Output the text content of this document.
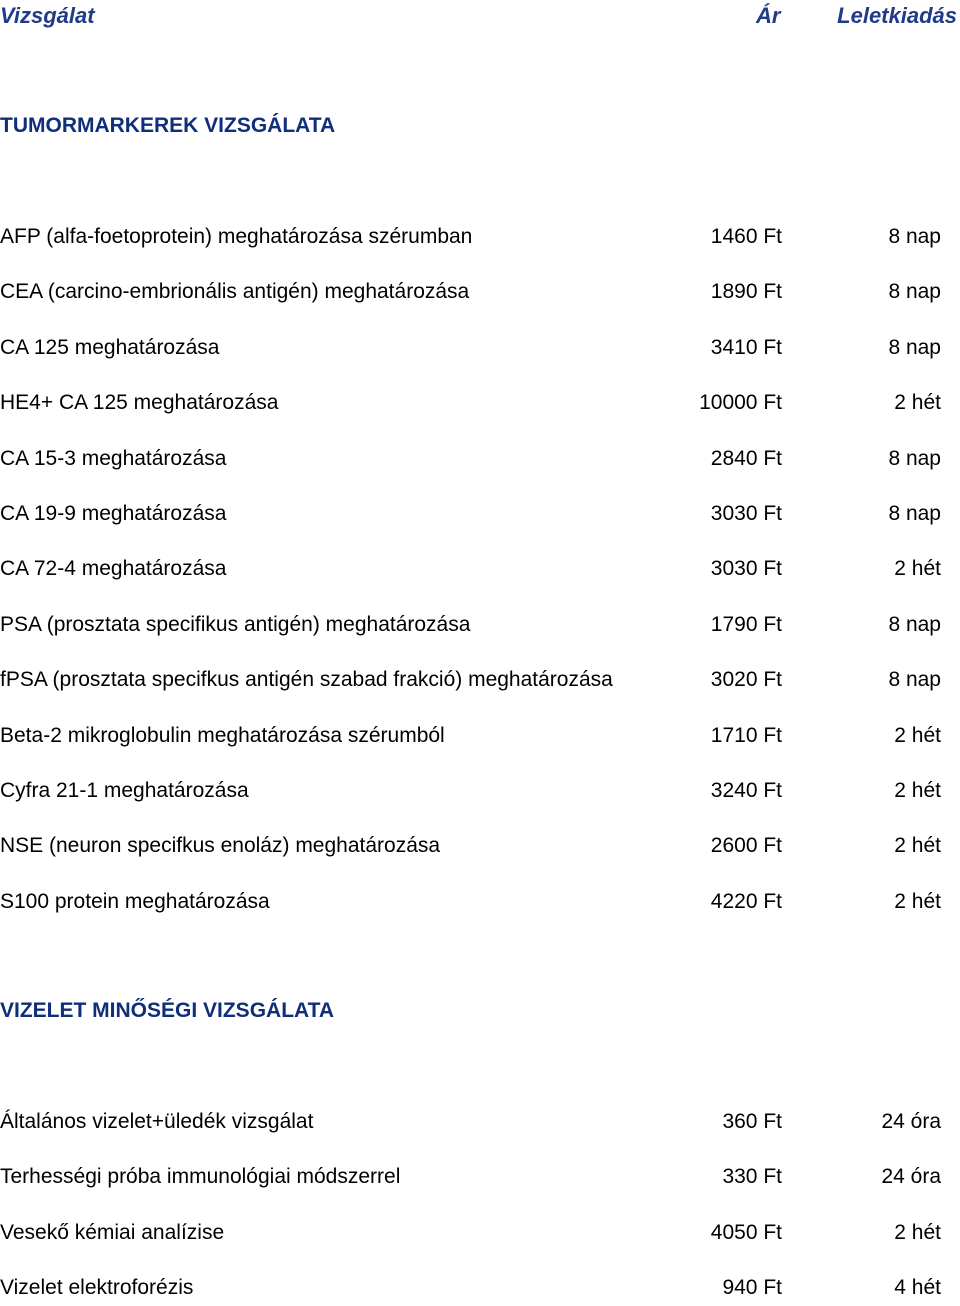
Vizsgálat	Ár	Leletkiadás
TUMORMARKEREK VIZSGÁLATA
AFP (alfa-foetoprotein) meghatározása szérumban	1460 Ft	8 nap
CEA (carcino-embrionális antigén) meghatározása	1890 Ft	8 nap
CA 125 meghatározása	3410 Ft	8 nap
HE4+ CA 125 meghatározása	10000 Ft	2 hét
CA 15-3 meghatározása	2840 Ft	8 nap
CA 19-9 meghatározása	3030 Ft	8 nap
CA 72-4 meghatározása	3030 Ft	2 hét
PSA (prosztata specifikus antigén) meghatározása	1790 Ft	8 nap
fPSA (prosztata specifkus antigén szabad frakció) meghatározása	3020 Ft	8 nap
Beta-2 mikroglobulin meghatározása szérumból	1710 Ft	2 hét
Cyfra 21-1 meghatározása	3240 Ft	2 hét
NSE (neuron specifkus enoláz) meghatározása	2600 Ft	2 hét
S100 protein meghatározása	4220 Ft	2 hét
VIZELET MINŐSÉGI VIZSGÁLATA
Általános vizelet+üledék vizsgálat	360 Ft	24 óra
Terhességi próba immunológiai módszerrel	330 Ft	24 óra
Vesekő kémiai analízise	4050 Ft	2 hét
Vizelet elektroforézis	940 Ft	4 hét
